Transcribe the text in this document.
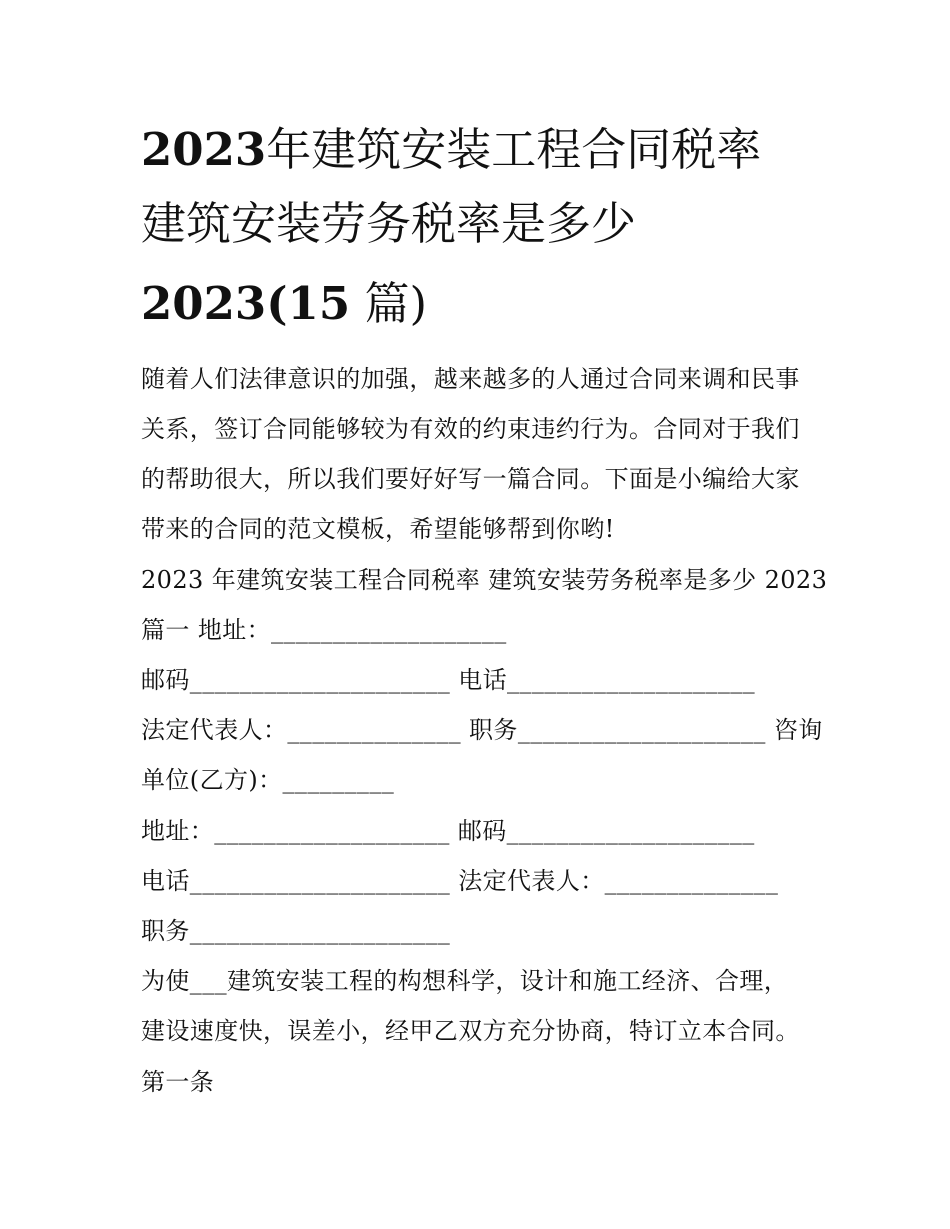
2023年建筑安装工程合同税率
建筑安装劳务税率是多少
2023(15 篇)
随着人们法律意识的加强，越来越多的人通过合同来调和民事
关系，签订合同能够较为有效的约束违约行为。合同对于我们
的帮助很大，所以我们要好好写一篇合同。下面是小编给大家
带来的合同的范文模板，希望能够帮到你哟!
2023 年建筑安装工程合同税率 建筑安装劳务税率是多少 2023
篇一 地址：___________________
邮码_____________________ 电话____________________
法定代表人：______________ 职务____________________ 咨询
单位(乙方)：_________
地址：___________________ 邮码____________________
电话_____________________ 法定代表人：______________
职务_____________________
为使___建筑安装工程的构想科学，设计和施工经济、合理，
建设速度快，误差小，经甲乙双方充分协商，特订立本合同。
第一条
